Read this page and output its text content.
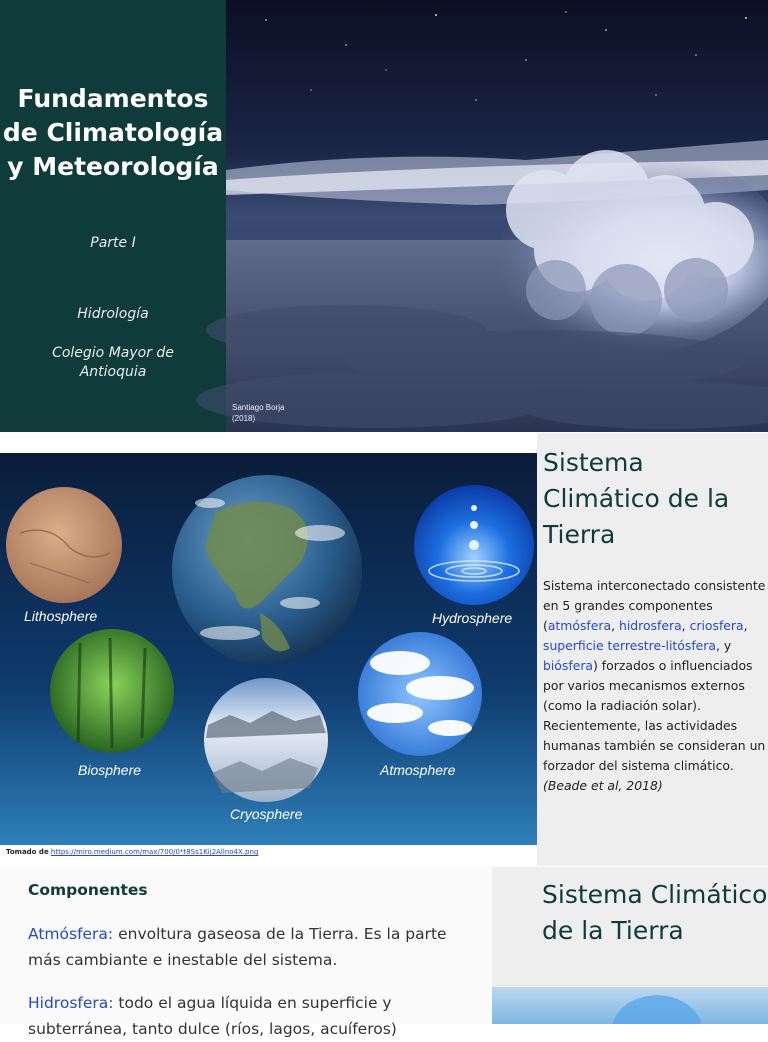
Fundamentos de Climatología y Meteorología
Parte I
Hidrología
Colegio Mayor de Antioquia
Santiago Borja
(2018)
Lithosphere	Hydrosphere
Biosphere	Atmosphere
Cryosphere
Tomado de https://miro.medium.com/max/700/0*t8Ss1Kij2Allno4X.png
Sistema Climático de la Tierra
Sistema interconectado consistente en 5 grandes componentes (atmósfera, hidrosfera, criosfera, superficie terrestre-litósfera, y biósfera) forzados o influenciados por varios mecanismos externos (como la radiación solar). Recientemente, las actividades humanas también se consideran un forzador del sistema climático. (Beade et al, 2018)
Componentes
Atmósfera: envoltura gaseosa de la Tierra. Es la parte más cambiante e inestable del sistema.
Hidrosfera: todo el agua líquida en superficie y subterránea, tanto dulce (ríos, lagos, acuíferos)
Sistema Climático de la Tierra
